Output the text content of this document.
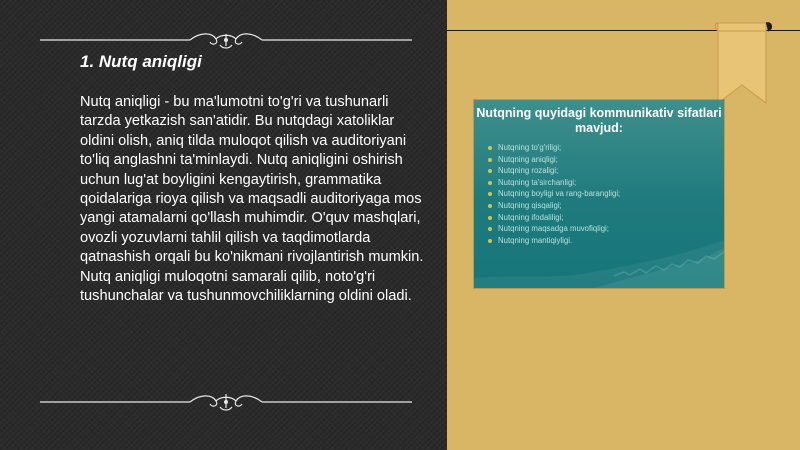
1. Nutq aniqligi

Nutq aniqligi - bu ma'lumotni to'g'ri va tushunarli tarzda yetkazish san'atidir. Bu nutqdagi xatoliklar oldini olish, aniq tilda muloqot qilish va auditoriyani to'liq anglashni ta'minlaydi. Nutq aniqligini oshirish uchun lug'at boyligini kengaytirish, grammatika qoidalariga rioya qilish va maqsadli auditoriyaga mos yangi atamalarni qo'llash muhimdir. O'quv mashqlari, ovozli yozuvlarni tahlil qilish va taqdimotlarda qatnashish orqali bu ko'nikmani rivojlantirish mumkin. Nutq aniqligi muloqotni samarali qilib, noto'g'ri tushunchalar va tushunmovchiliklarning oldini oladi.

Nutqning quyidagi kommunikativ sifatlari mavjud:

Nutqning to'g'riligi;
Nutqning aniqligi;
Nutqning rozaligi;
Nutqning ta'sirchanligi;
Nutqning boyligi va rang-barangligi;
Nutqning qisqaligi;
Nutqning ifodaliligi;
Nutqning maqsadga muvofiqligi;
Nutqning mantiqiyligi.
